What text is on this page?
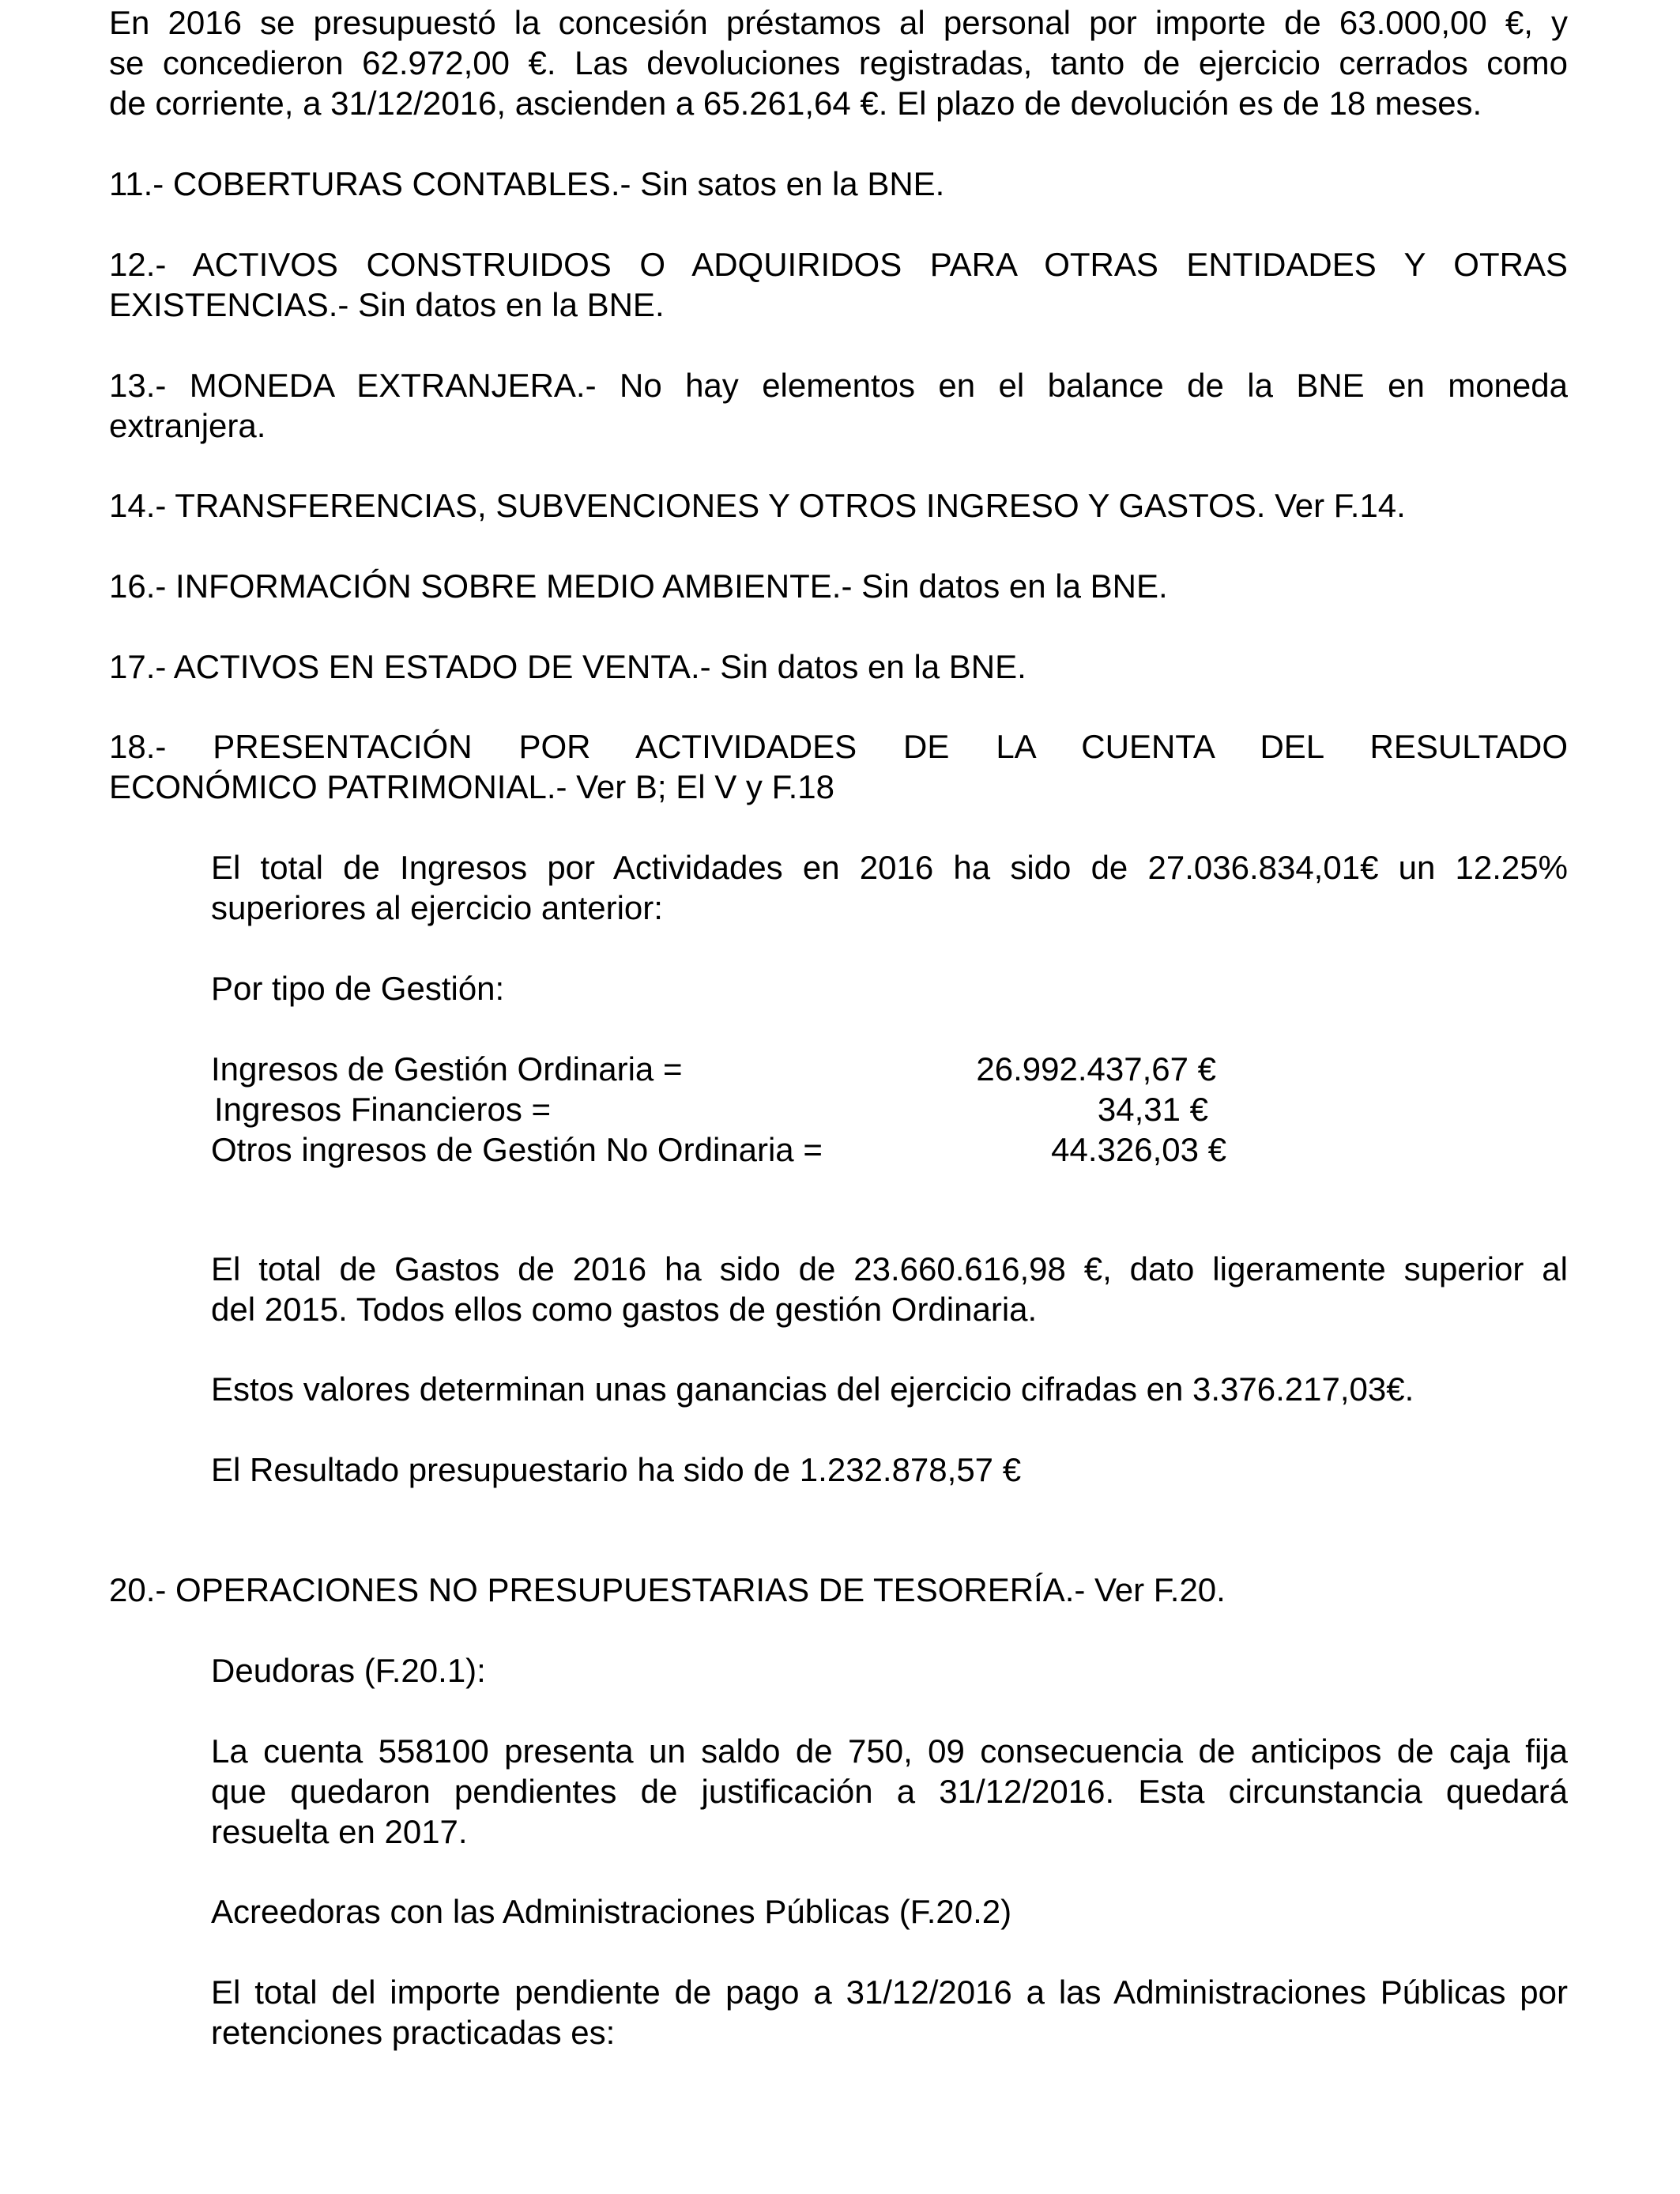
En 2016 se presupuestó la concesión préstamos al personal por importe de 63.000,00 €, y

se concedieron 62.972,00 €. Las devoluciones registradas, tanto de ejercicio cerrados como

de corriente, a 31/12/2016, ascienden a 65.261,64 €. El plazo de devolución es de 18 meses.

11.- COBERTURAS CONTABLES.- Sin satos en la BNE.

12.- ACTIVOS CONSTRUIDOS O ADQUIRIDOS PARA OTRAS ENTIDADES Y OTRAS

EXISTENCIAS.- Sin datos en la BNE.

13.- MONEDA EXTRANJERA.- No hay elementos en el balance de la BNE en moneda

extranjera.

14.- TRANSFERENCIAS, SUBVENCIONES Y OTROS INGRESO Y GASTOS. Ver F.14.

16.- INFORMACIÓN SOBRE MEDIO AMBIENTE.- Sin datos en la BNE.

17.- ACTIVOS EN ESTADO DE VENTA.- Sin datos en la BNE.

18.- PRESENTACIÓN POR ACTIVIDADES DE LA CUENTA DEL RESULTADO

ECONÓMICO PATRIMONIAL.- Ver B; El V y F.18

El total de Ingresos por Actividades en 2016 ha sido de 27.036.834,01€ un 12.25%

superiores al ejercicio anterior:

Por tipo de Gestión:

Ingresos de Gestión Ordinaria =	26.992.437,67 €
Ingresos Financieros =	34,31 €
Otros ingresos de Gestión No Ordinaria =	44.326,03 €

El total de Gastos de 2016 ha sido de 23.660.616,98 €, dato ligeramente superior al

del 2015. Todos ellos como gastos de gestión Ordinaria.

Estos valores determinan unas ganancias del ejercicio cifradas en 3.376.217,03€.

El Resultado presupuestario ha sido de 1.232.878,57 €

20.- OPERACIONES NO PRESUPUESTARIAS DE TESORERÍA.- Ver F.20.

Deudoras (F.20.1):

La cuenta 558100 presenta un saldo de 750, 09 consecuencia de anticipos de caja fija

que quedaron pendientes de justificación a 31/12/2016. Esta circunstancia quedará

resuelta en 2017.

Acreedoras con las Administraciones Públicas (F.20.2)

El total del importe pendiente de pago a 31/12/2016 a las Administraciones Públicas por

retenciones practicadas es:
